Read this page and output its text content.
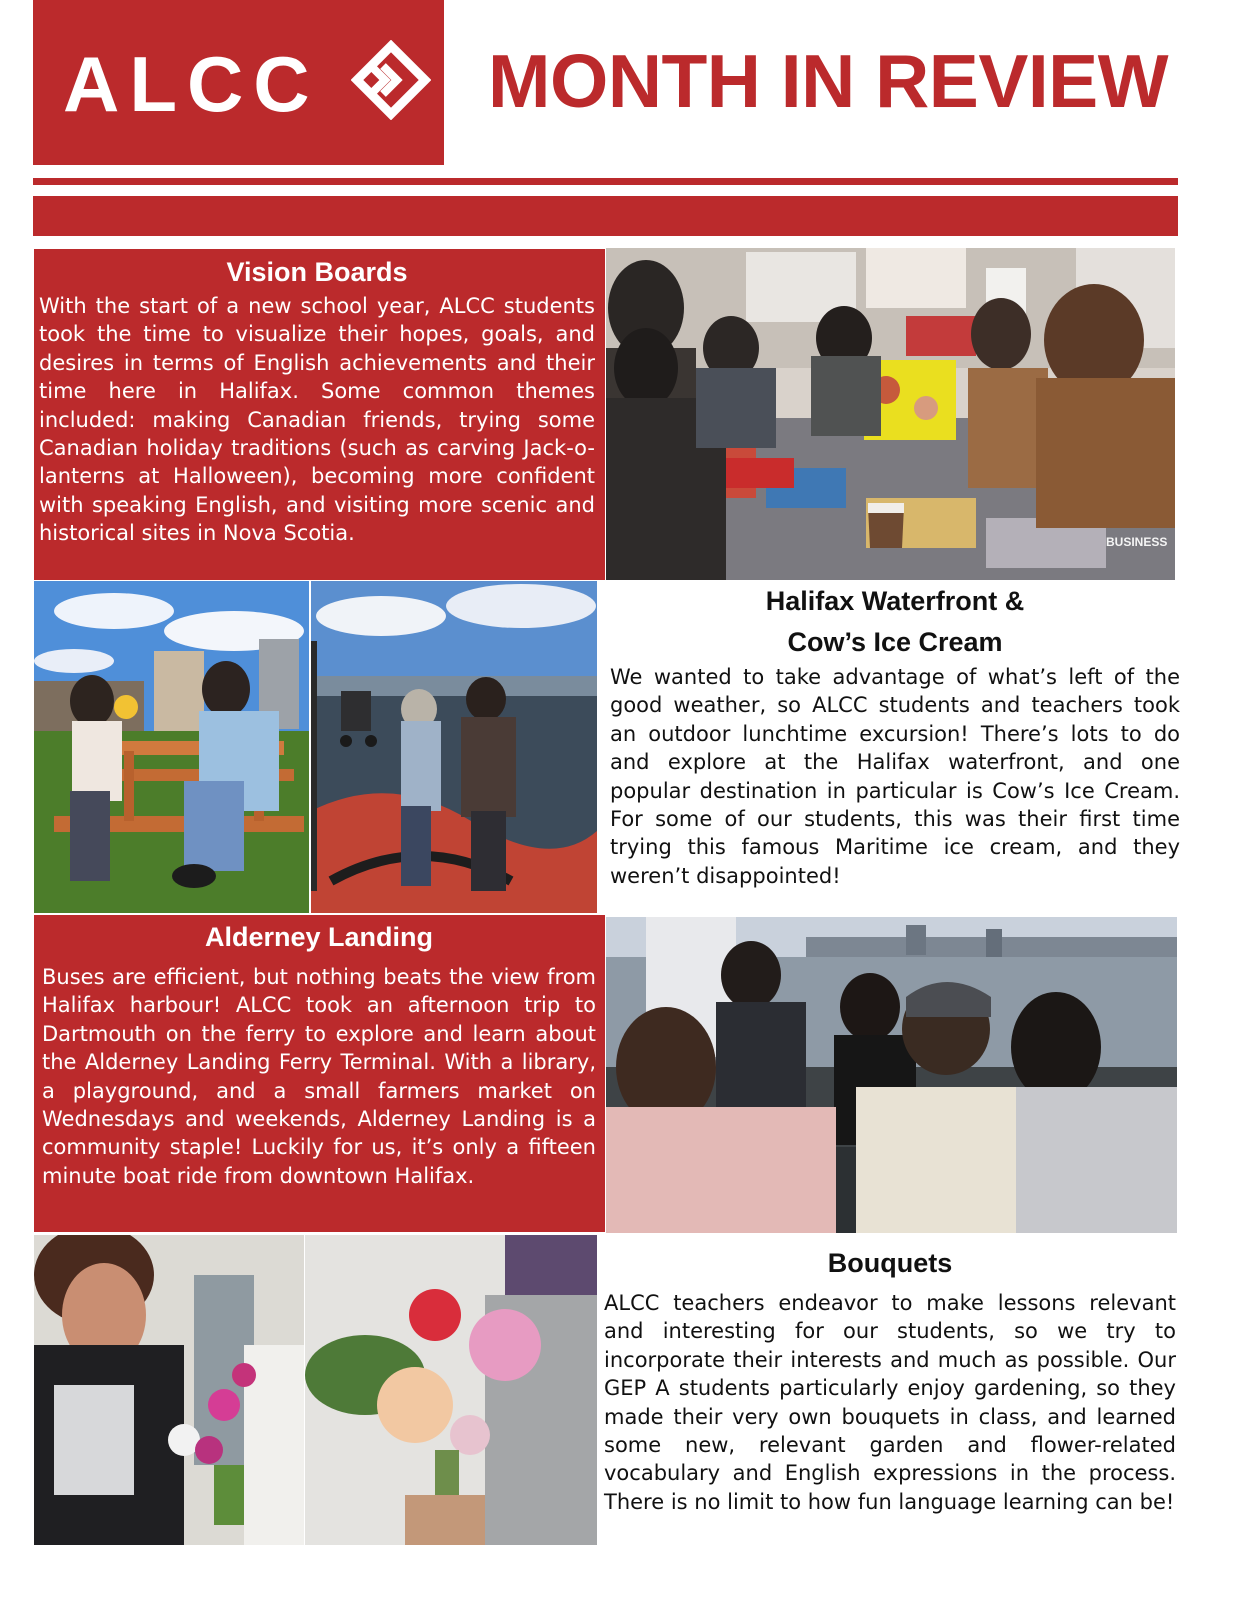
ALCC MONTH IN REVIEW
Vision Boards

With the start of a new school year, ALCC students took the time to visualize their hopes, goals, and desires in terms of English achievements and their time here in Halifax. Some common themes included: making Canadian friends, trying some Canadian holiday traditions (such as carving Jack-o-lanterns at Halloween), becoming more confident with speaking English, and visiting more scenic and historical sites in Nova Scotia.	BUSINESS
Halifax Waterfront &
Cow’s Ice Cream

We wanted to take advantage of what’s left of the good weather, so ALCC students and teachers took an outdoor lunchtime excursion! There’s lots to do and explore at the Halifax waterfront, and one popular destination in particular is Cow’s Ice Cream. For some of our students, this was their first time trying this famous Maritime ice cream, and they weren’t disappointed!

Alderney Landing

Buses are efficient, but nothing beats the view from Halifax harbour! ALCC took an afternoon trip to Dartmouth on the ferry to explore and learn about the Alderney Landing Ferry Terminal. With a library, a playground, and a small farmers market on Wednesdays and weekends, Alderney Landing is a community staple! Luckily for us, it’s only a fifteen minute boat ride from downtown Halifax.

Bouquets

ALCC teachers endeavor to make lessons relevant and interesting for our students, so we try to incorporate their interests and much as possible. Our GEP A students particularly enjoy gardening, so they made their very own bouquets in class, and learned some new, relevant garden and flower-related vocabulary and English expressions in the process. There is no limit to how fun language learning can be!
